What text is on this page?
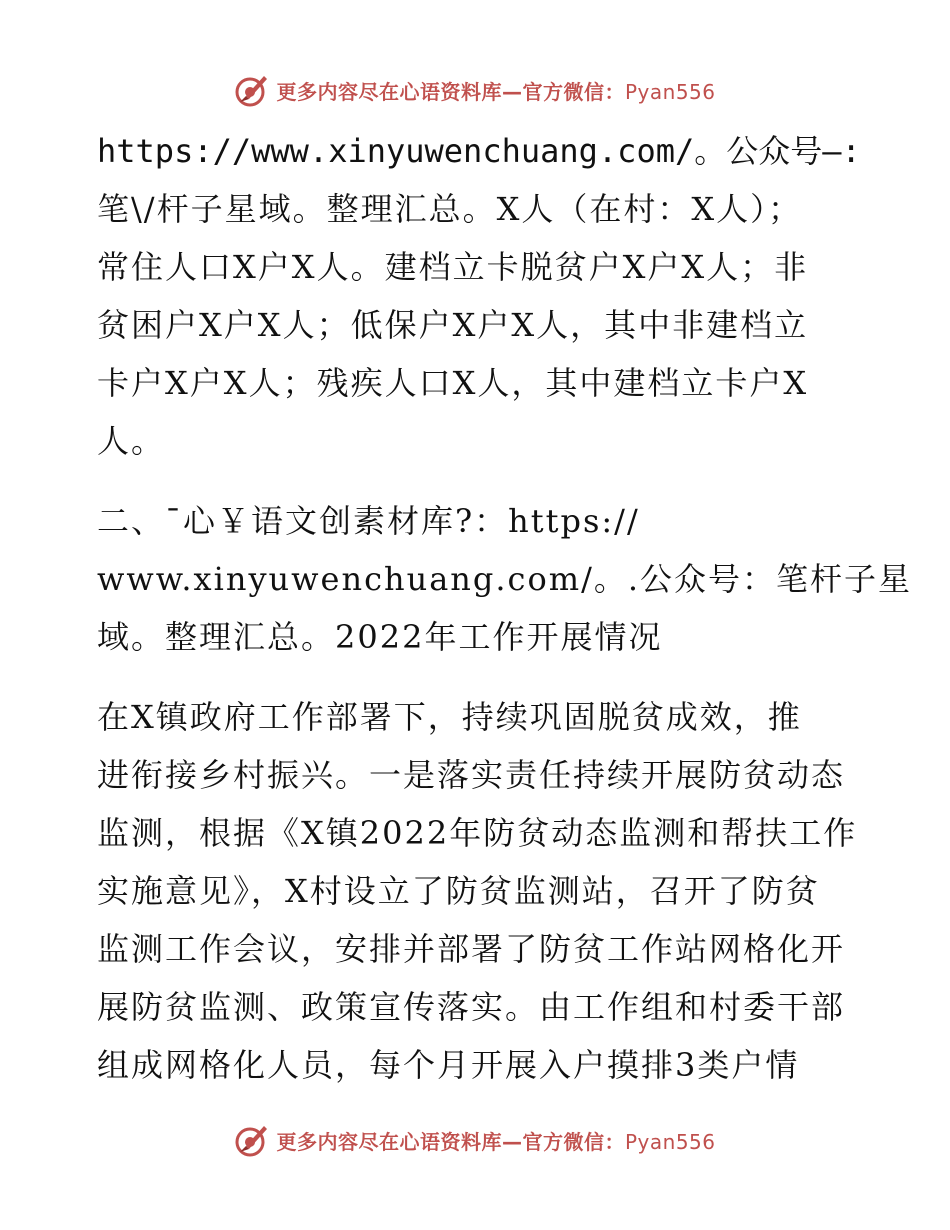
更多内容尽在心语资料库—官方微信：Pyan556
https://www.xinyuwenchuang.com/。公众号—:
笔\/杆子星域。整理汇总。X人（在村：X人）；
常住人口X户X人。建档立卡脱贫户X户X人；非
贫困户X户X人；低保户X户X人，其中非建档立
卡户X户X人；残疾人口X人，其中建档立卡户X
人。
二、¯心￥语文创素材库?：https://
www.xinyuwenchuang.com/。.公众号：笔杆子星
域。整理汇总。2022年工作开展情况
在X镇政府工作部署下，持续巩固脱贫成效，推
进衔接乡村振兴。一是落实责任持续开展防贫动态
监测，根据《X镇2022年防贫动态监测和帮扶工作
实施意见》，X村设立了防贫监测站，召开了防贫
监测工作会议，安排并部署了防贫工作站网格化开
展防贫监测、政策宣传落实。由工作组和村委干部
组成网格化人员，每个月开展入户摸排3类户情
更多内容尽在心语资料库—官方微信：Pyan556
